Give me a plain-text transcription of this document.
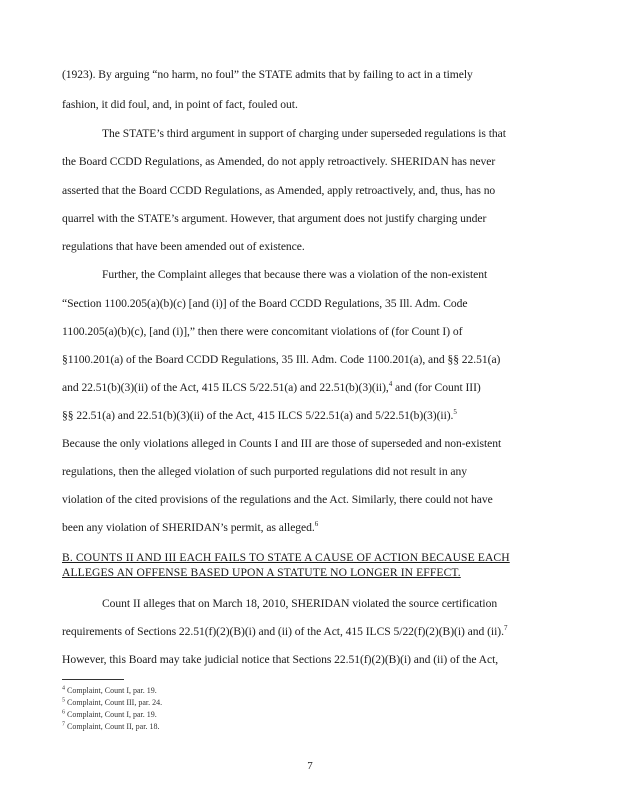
(1923). By arguing “no harm, no foul” the STATE admits that by failing to act in a timely
fashion, it did foul, and, in point of fact, fouled out.
The STATE’s third argument in support of charging under superseded regulations is that
the Board CCDD Regulations, as Amended, do not apply retroactively. SHERIDAN has never
asserted that the Board CCDD Regulations, as Amended, apply retroactively, and, thus, has no
quarrel with the STATE’s argument. However, that argument does not justify charging under
regulations that have been amended out of existence.
Further, the Complaint alleges that because there was a violation of the non-existent
“Section 1100.205(a)(b)(c) [and (i)] of the Board CCDD Regulations, 35 Ill. Adm. Code
1100.205(a)(b)(c), [and (i)],” then there were concomitant violations of (for Count I) of
§1100.201(a) of the Board CCDD Regulations, 35 Ill. Adm. Code 1100.201(a), and §§ 22.51(a)
and 22.51(b)(3)(ii) of the Act, 415 ILCS 5/22.51(a) and 22.51(b)(3)(ii),$^4$ and (for Count III)
§§ 22.51(a) and 22.51(b)(3)(ii) of the Act, 415 ILCS 5/22.51(a) and 5/22.51(b)(3)(ii).$^5$
Because the only violations alleged in Counts I and III are those of superseded and non-existent
regulations, then the alleged violation of such purported regulations did not result in any
violation of the cited provisions of the regulations and the Act. Similarly, there could not have
been any violation of SHERIDAN’s permit, as alleged.$^6$
B. COUNTS II AND III EACH FAILS TO STATE A CAUSE OF ACTION BECAUSE EACH
ALLEGES AN OFFENSE BASED UPON A STATUTE NO LONGER IN EFFECT.
Count II alleges that on March 18, 2010, SHERIDAN violated the source certification
requirements of Sections 22.51(f)(2)(B)(i) and (ii) of the Act, 415 ILCS 5/22(f)(2)(B)(i) and (ii).$^7$
However, this Board may take judicial notice that Sections 22.51(f)(2)(B)(i) and (ii) of the Act,
$^4$ Complaint, Count I, par. 19.
$^5$ Complaint, Count III, par. 24.
$^6$ Complaint, Count I, par. 19.
$^7$ Complaint, Count II, par. 18.
7
